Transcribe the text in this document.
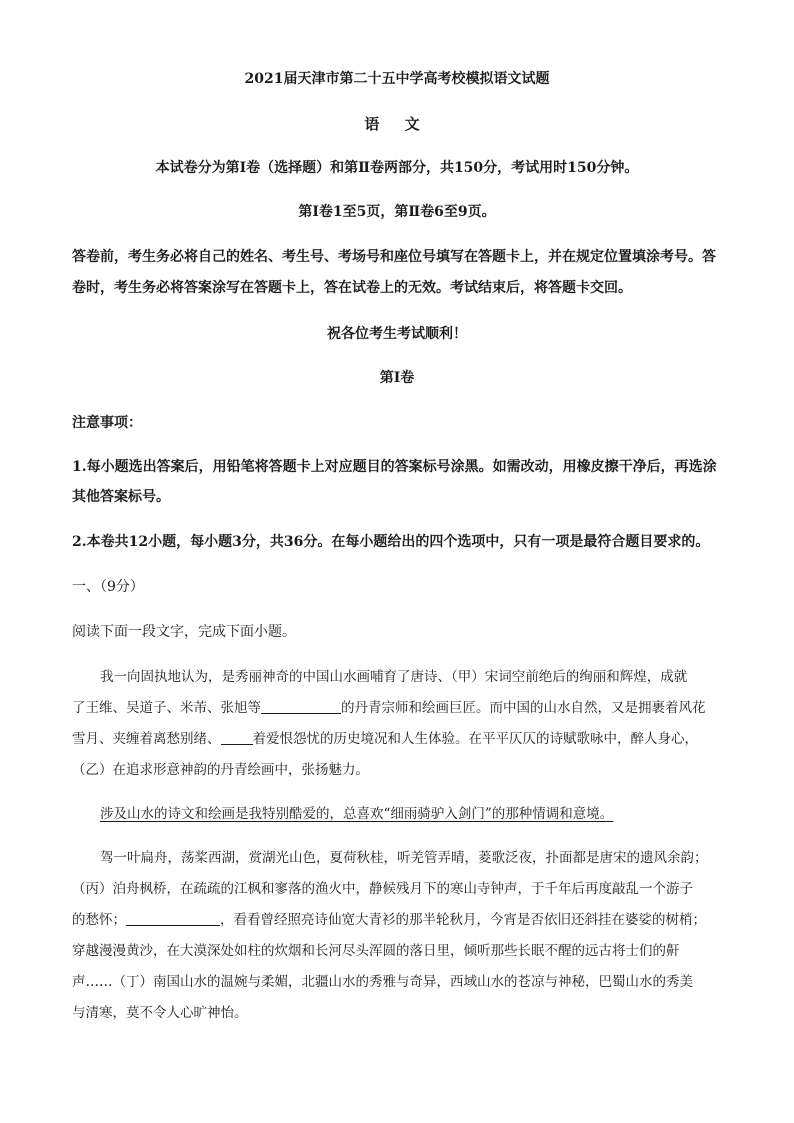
2021届天津市第二十五中学高考校模拟语文试题
语 文
本试卷分为第Ⅰ卷（选择题）和第Ⅱ卷两部分，共150分，考试用时150分钟。
第Ⅰ卷1至5页，第Ⅱ卷6至9页。
答卷前，考生务必将自己的姓名、考生号、考场号和座位号填写在答题卡上，并在规定位置填涂考号。答
卷时，考生务必将答案涂写在答题卡上，答在试卷上的无效。考试结束后，将答题卡交回。
祝各位考生考试顺利！
第Ⅰ卷
注意事项：
1.每小题选出答案后，用铅笔将答题卡上对应题目的答案标号涂黑。如需改动，用橡皮擦干净后，再选涂
其他答案标号。
2.本卷共12小题，每小题3分，共36分。在每小题给出的四个选项中，只有一项是最符合题目要求的。
一、（9分）
阅读下面一段文字，完成下面小题。
我一向固执地认为，是秀丽神奇的中国山水画哺育了唐诗、（甲）宋词空前绝后的绚丽和辉煌，成就
了王维、吴道子、米芾、张旭等	的丹青宗师和绘画巨匠。而中国的山水自然，又是拥裹着风花
雪月、夹缠着离愁别绪、 着爱恨怨忧的历史境况和人生体验。在平平仄仄的诗赋歌咏中，醉人身心，
（乙）在追求形意神韵的丹青绘画中，张扬魅力。
涉及山水的诗文和绘画是我特别酷爱的，总喜欢“细雨骑驴入剑门”的那种情调和意境。
驾一叶扁舟，荡桨西湖，赏湖光山色，夏荷秋桂，听羌管弄晴，菱歌泛夜，扑面都是唐宋的遗风余韵；
（丙）泊舟枫桥，在疏疏的江枫和寥落的渔火中，静候残月下的寒山寺钟声，于千年后再度敲乱一个游子
的愁怀；	，看看曾经照亮诗仙宽大青衫的那半轮秋月，今宵是否依旧还斜挂在婆娑的树梢；
穿越漫漫黄沙，在大漠深处如柱的炊烟和长河尽头浑圆的落日里，倾听那些长眠不醒的远古将士们的鼾
声……（丁）南国山水的温婉与柔媚，北疆山水的秀雅与奇异，西域山水的苍凉与神秘，巴蜀山水的秀美
与清寒，莫不令人心旷神怡。
